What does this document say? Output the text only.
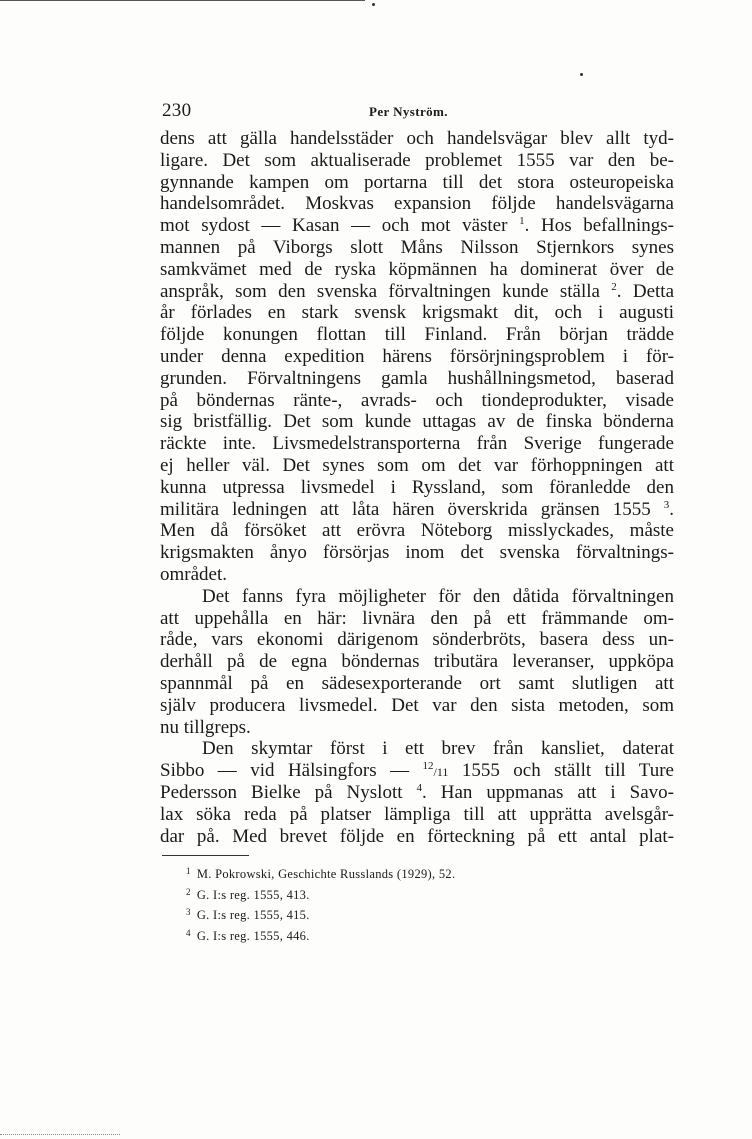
230	Per Nyström.
dens att gälla handelsstäder och handelsvägar blev allt tyd-
ligare. Det som aktualiserade problemet 1555 var den be-
gynnande kampen om portarna till det stora osteuropeiska
handelsområdet. Moskvas expansion följde handelsvägarna
mot sydost — Kasan — och mot väster $^1$. Hos befallnings-
mannen på Viborgs slott Måns Nilsson Stjernkors synes
samkvämet med de ryska köpmännen ha dominerat över de
anspråk, som den svenska förvaltningen kunde ställa $^2$. Detta
år förlades en stark svensk krigsmakt dit, och i augusti
följde konungen flottan till Finland. Från början trädde
under denna expedition härens försörjningsproblem i för-
grunden. Förvaltningens gamla hushållningsmetod, baserad
på böndernas ränte-, avrads- och tiondeprodukter, visade
sig bristfällig. Det som kunde uttagas av de finska bönderna
räckte inte. Livsmedelstransporterna från Sverige fungerade
ej heller väl. Det synes som om det var förhoppningen att
kunna utpressa livsmedel i Ryssland, som föranledde den
militära ledningen att låta hären överskrida gränsen 1555 $^3$.
Men då försöket att erövra Nöteborg misslyckades, måste
krigsmakten ånyo försörjas inom det svenska förvaltnings-
området.
Det fanns fyra möjligheter för den dåtida förvaltningen
att uppehålla en här: livnära den på ett främmande om-
råde, vars ekonomi därigenom sönderbröts, basera dess un-
derhåll på de egna böndernas tributära leveranser, uppköpa
spannmål på en sädesexporterande ort samt slutligen att
själv producera livsmedel. Det var den sista metoden, som
nu tillgreps.
Den skymtar först i ett brev från kansliet, daterat
Sibbo — vid Hälsingfors — $^{12}$/11 1555 och ställt till Ture
Pedersson Bielke på Nyslott $^4$. Han uppmanas att i Savo-
lax söka reda på platser lämpliga till att upprätta avelsgår-
dar på. Med brevet följde en förteckning på ett antal plat-
$^1$ M. Pokrowski, Geschichte Russlands (1929), 52.
$^2$ G. I:s reg. 1555, 413.
$^3$ G. I:s reg. 1555, 415.
$^4$ G. I:s reg. 1555, 446.
